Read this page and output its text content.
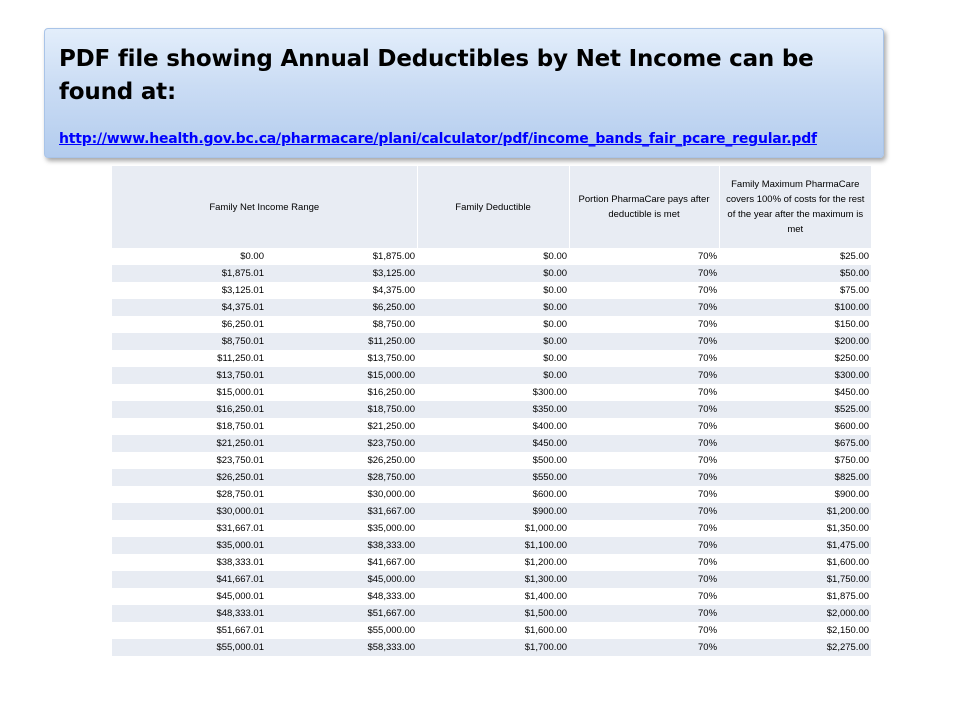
PDF file showing Annual Deductibles by Net Income can be found at:

http://www.health.gov.bc.ca/pharmacare/plani/calculator/pdf/income_bands_fair_pcare_regular.pdf
Family Net Income Range		Family Deductible	Portion PharmaCare pays after deductible is met	Family Maximum PharmaCare covers 100% of costs for the rest of the year after the maximum is met
$0.00	$1,875.00	$0.00	70%	$25.00
$1,875.01	$3,125.00	$0.00	70%	$50.00
$3,125.01	$4,375.00	$0.00	70%	$75.00
$4,375.01	$6,250.00	$0.00	70%	$100.00
$6,250.01	$8,750.00	$0.00	70%	$150.00
$8,750.01	$11,250.00	$0.00	70%	$200.00
$11,250.01	$13,750.00	$0.00	70%	$250.00
$13,750.01	$15,000.00	$0.00	70%	$300.00
$15,000.01	$16,250.00	$300.00	70%	$450.00
$16,250.01	$18,750.00	$350.00	70%	$525.00
$18,750.01	$21,250.00	$400.00	70%	$600.00
$21,250.01	$23,750.00	$450.00	70%	$675.00
$23,750.01	$26,250.00	$500.00	70%	$750.00
$26,250.01	$28,750.00	$550.00	70%	$825.00
$28,750.01	$30,000.00	$600.00	70%	$900.00
$30,000.01	$31,667.00	$900.00	70%	$1,200.00
$31,667.01	$35,000.00	$1,000.00	70%	$1,350.00
$35,000.01	$38,333.00	$1,100.00	70%	$1,475.00
$38,333.01	$41,667.00	$1,200.00	70%	$1,600.00
$41,667.01	$45,000.00	$1,300.00	70%	$1,750.00
$45,000.01	$48,333.00	$1,400.00	70%	$1,875.00
$48,333.01	$51,667.00	$1,500.00	70%	$2,000.00
$51,667.01	$55,000.00	$1,600.00	70%	$2,150.00
$55,000.01	$58,333.00	$1,700.00	70%	$2,275.00
